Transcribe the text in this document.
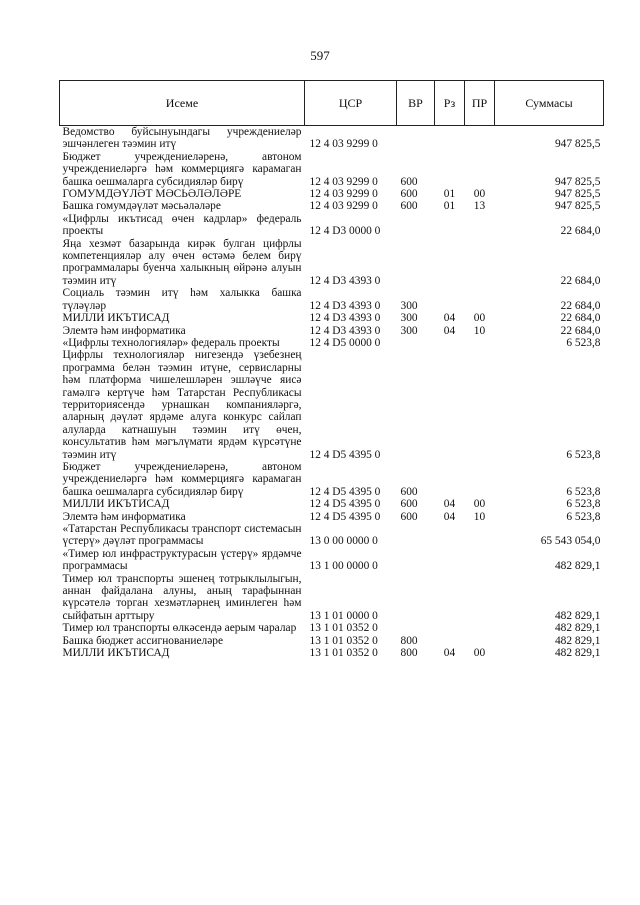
597
Исеме	ЦСР	ВР	Рз	ПР	Суммасы
Ведомство буйсынуындагы учреждениеләр эшчәнлеген тәэмин итү	12 4 03 9299 0				947 825,5
Бюджет учреждениеләренә, автоном учреждениеләргә һәм коммерциягә карамаган башка оешмаларга субсидияләр бирү	12 4 03 9299 0	600			947 825,5
ГОМУМДӘҮЛӘТ МӘСЬӘЛӘЛӘРЕ	12 4 03 9299 0	600	01	00	947 825,5
Башка гомумдәүләт мәсьәләләре	12 4 03 9299 0	600	01	13	947 825,5
«Цифрлы икътисад өчен кадрлар» федераль проекты	12 4 D3 0000 0				22 684,0
Яңа хезмәт базарында кирәк булган цифрлы компетенцияләр алу өчен өстәмә белем бирү программалары буенча халыкның өйрәнә алуын тәэмин итү	12 4 D3 4393 0				22 684,0
Социаль тәэмин итү һәм халыкка башка түләүләр	12 4 D3 4393 0	300			22 684,0
МИЛЛИ ИКЪТИСАД	12 4 D3 4393 0	300	04	00	22 684,0
Элемтә һәм информатика	12 4 D3 4393 0	300	04	10	22 684,0
«Цифрлы технологияләр» федераль проекты	12 4 D5 0000 0				6 523,8
Цифрлы технологияләр нигезендә үзебезнең программа белән тәэмин итүне, сервисларны һәм платформа чишелешләрен эшләүче яисә гамәлгә кертүче һәм Татарстан Республикасы территориясендә урнашкан компанияләргә, аларның дәүләт ярдәме алуга конкурс сайлап алуларда катнашуын тәэмин итү өчен, консультатив һәм мәгълүмати ярдәм күрсәтүне тәэмин итү	12 4 D5 4395 0				6 523,8
Бюджет учреждениеләренә, автоном учреждениеләргә һәм коммерциягә карамаган башка оешмаларга субсидияләр бирү	12 4 D5 4395 0	600			6 523,8
МИЛЛИ ИКЪТИСАД	12 4 D5 4395 0	600	04	00	6 523,8
Элемтә һәм информатика	12 4 D5 4395 0	600	04	10	6 523,8
«Татарстан Республикасы транспорт системасын үстерү» дәүләт программасы	13 0 00 0000 0				65 543 054,0
«Тимер юл инфраструктурасын үстерү» ярдәмче программасы	13 1 00 0000 0				482 829,1
Тимер юл транспорты эшенең тотрыклылыгын, аннан файдалана алуны, аның тарафыннан күрсәтелә торган хезмәтләрнең иминлеген һәм сыйфатын арттыру	13 1 01 0000 0				482 829,1
Тимер юл транспорты өлкәсендә аерым чаралар	13 1 01 0352 0				482 829,1
Башка бюджет ассигнованиеләре	13 1 01 0352 0	800			482 829,1
МИЛЛИ ИКЪТИСАД	13 1 01 0352 0	800	04	00	482 829,1
